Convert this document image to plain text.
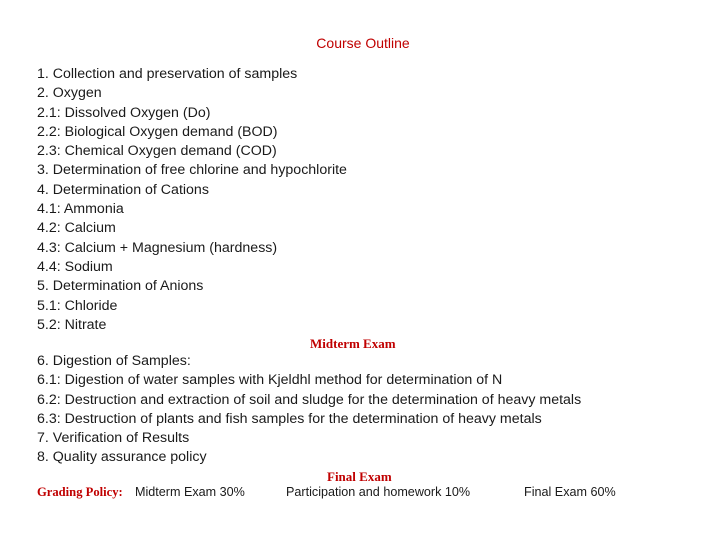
Course Outline
1. Collection and preservation of samples
2. Oxygen
2.1: Dissolved Oxygen (Do)
2.2: Biological Oxygen demand (BOD)
2.3: Chemical Oxygen demand (COD)
3. Determination of free chlorine and hypochlorite
4. Determination of Cations
4.1: Ammonia
4.2: Calcium
4.3: Calcium + Magnesium (hardness)
4.4: Sodium
5. Determination of Anions
5.1: Chloride
5.2: Nitrate
Midterm Exam
6. Digestion of Samples:
6.1: Digestion of water samples with Kjeldhl method for determination of N
6.2: Destruction and extraction of soil and sludge for the determination of heavy metals
6.3: Destruction of plants and fish samples for the determination of heavy metals
7. Verification of Results
8. Quality assurance policy
Final Exam
Grading Policy: Midterm Exam 30%	Participation and homework 10%	Final Exam 60%
